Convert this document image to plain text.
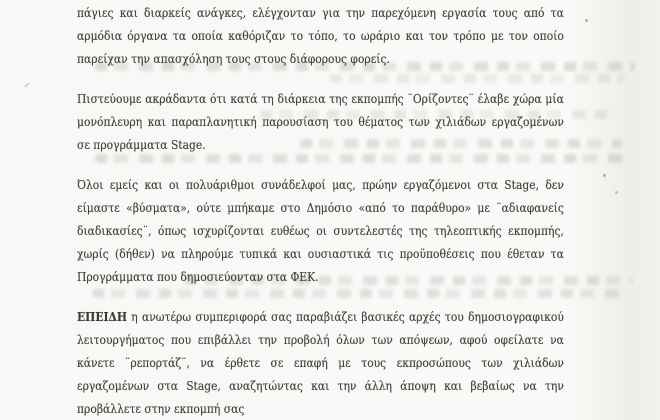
πάγιες και διαρκείς ανάγκες, ελέγχονταν για την παρεχόμενη εργασία τους από τα
αρμόδια όργανα τα οποία καθόριζαν το τόπο, το ωράριο και τον τρόπο με τον οποίο
παρείχαν την απασχόληση τους στους διάφορους φορείς.
Πιστεύουμε ακράδαντα ότι κατά τη διάρκεια της εκπομπής ¨Ορίζοντες¨ έλαβε χώρα μία
μονόπλευρη και παραπλανητική παρουσίαση του θέματος των χιλιάδων εργαζομένων
σε προγράμματα Stage.
Όλοι εμείς και οι πολυάριθμοι συνάδελφοί μας, πρώην εργαζόμενοι στα Stage, δεν
είμαστε «βύσματα», ούτε μπήκαμε στο Δημόσιο «από το παράθυρο» με ¨αδιαφανείς
διαδικασίες¨, όπως ισχυρίζονται ευθέως οι συντελεστές της τηλεοπτικής εκπομπής,
χωρίς (δήθεν) να πληρούμε τυπικά και ουσιαστικά τις προϋποθέσεις που έθεταν τα
Προγράμματα που δημοσιεύονταν στα ΦΕΚ.
ΕΠΕΙΔΗ η ανωτέρω συμπεριφορά σας παραβιάζει βασικές αρχές του δημοσιογραφικού
λειτουργήματος που επιβάλλει την προβολή όλων των απόψεων, αφού οφείλατε να
κάνετε ¨ρεπορτάζ¨, να έρθετε σε επαφή με τους εκπροσώπους των χιλιάδων
εργαζομένων στα Stage, αναζητώντας και την άλλη άποψη και βεβαίως να την
προβάλλετε στην εκπομπή σας
